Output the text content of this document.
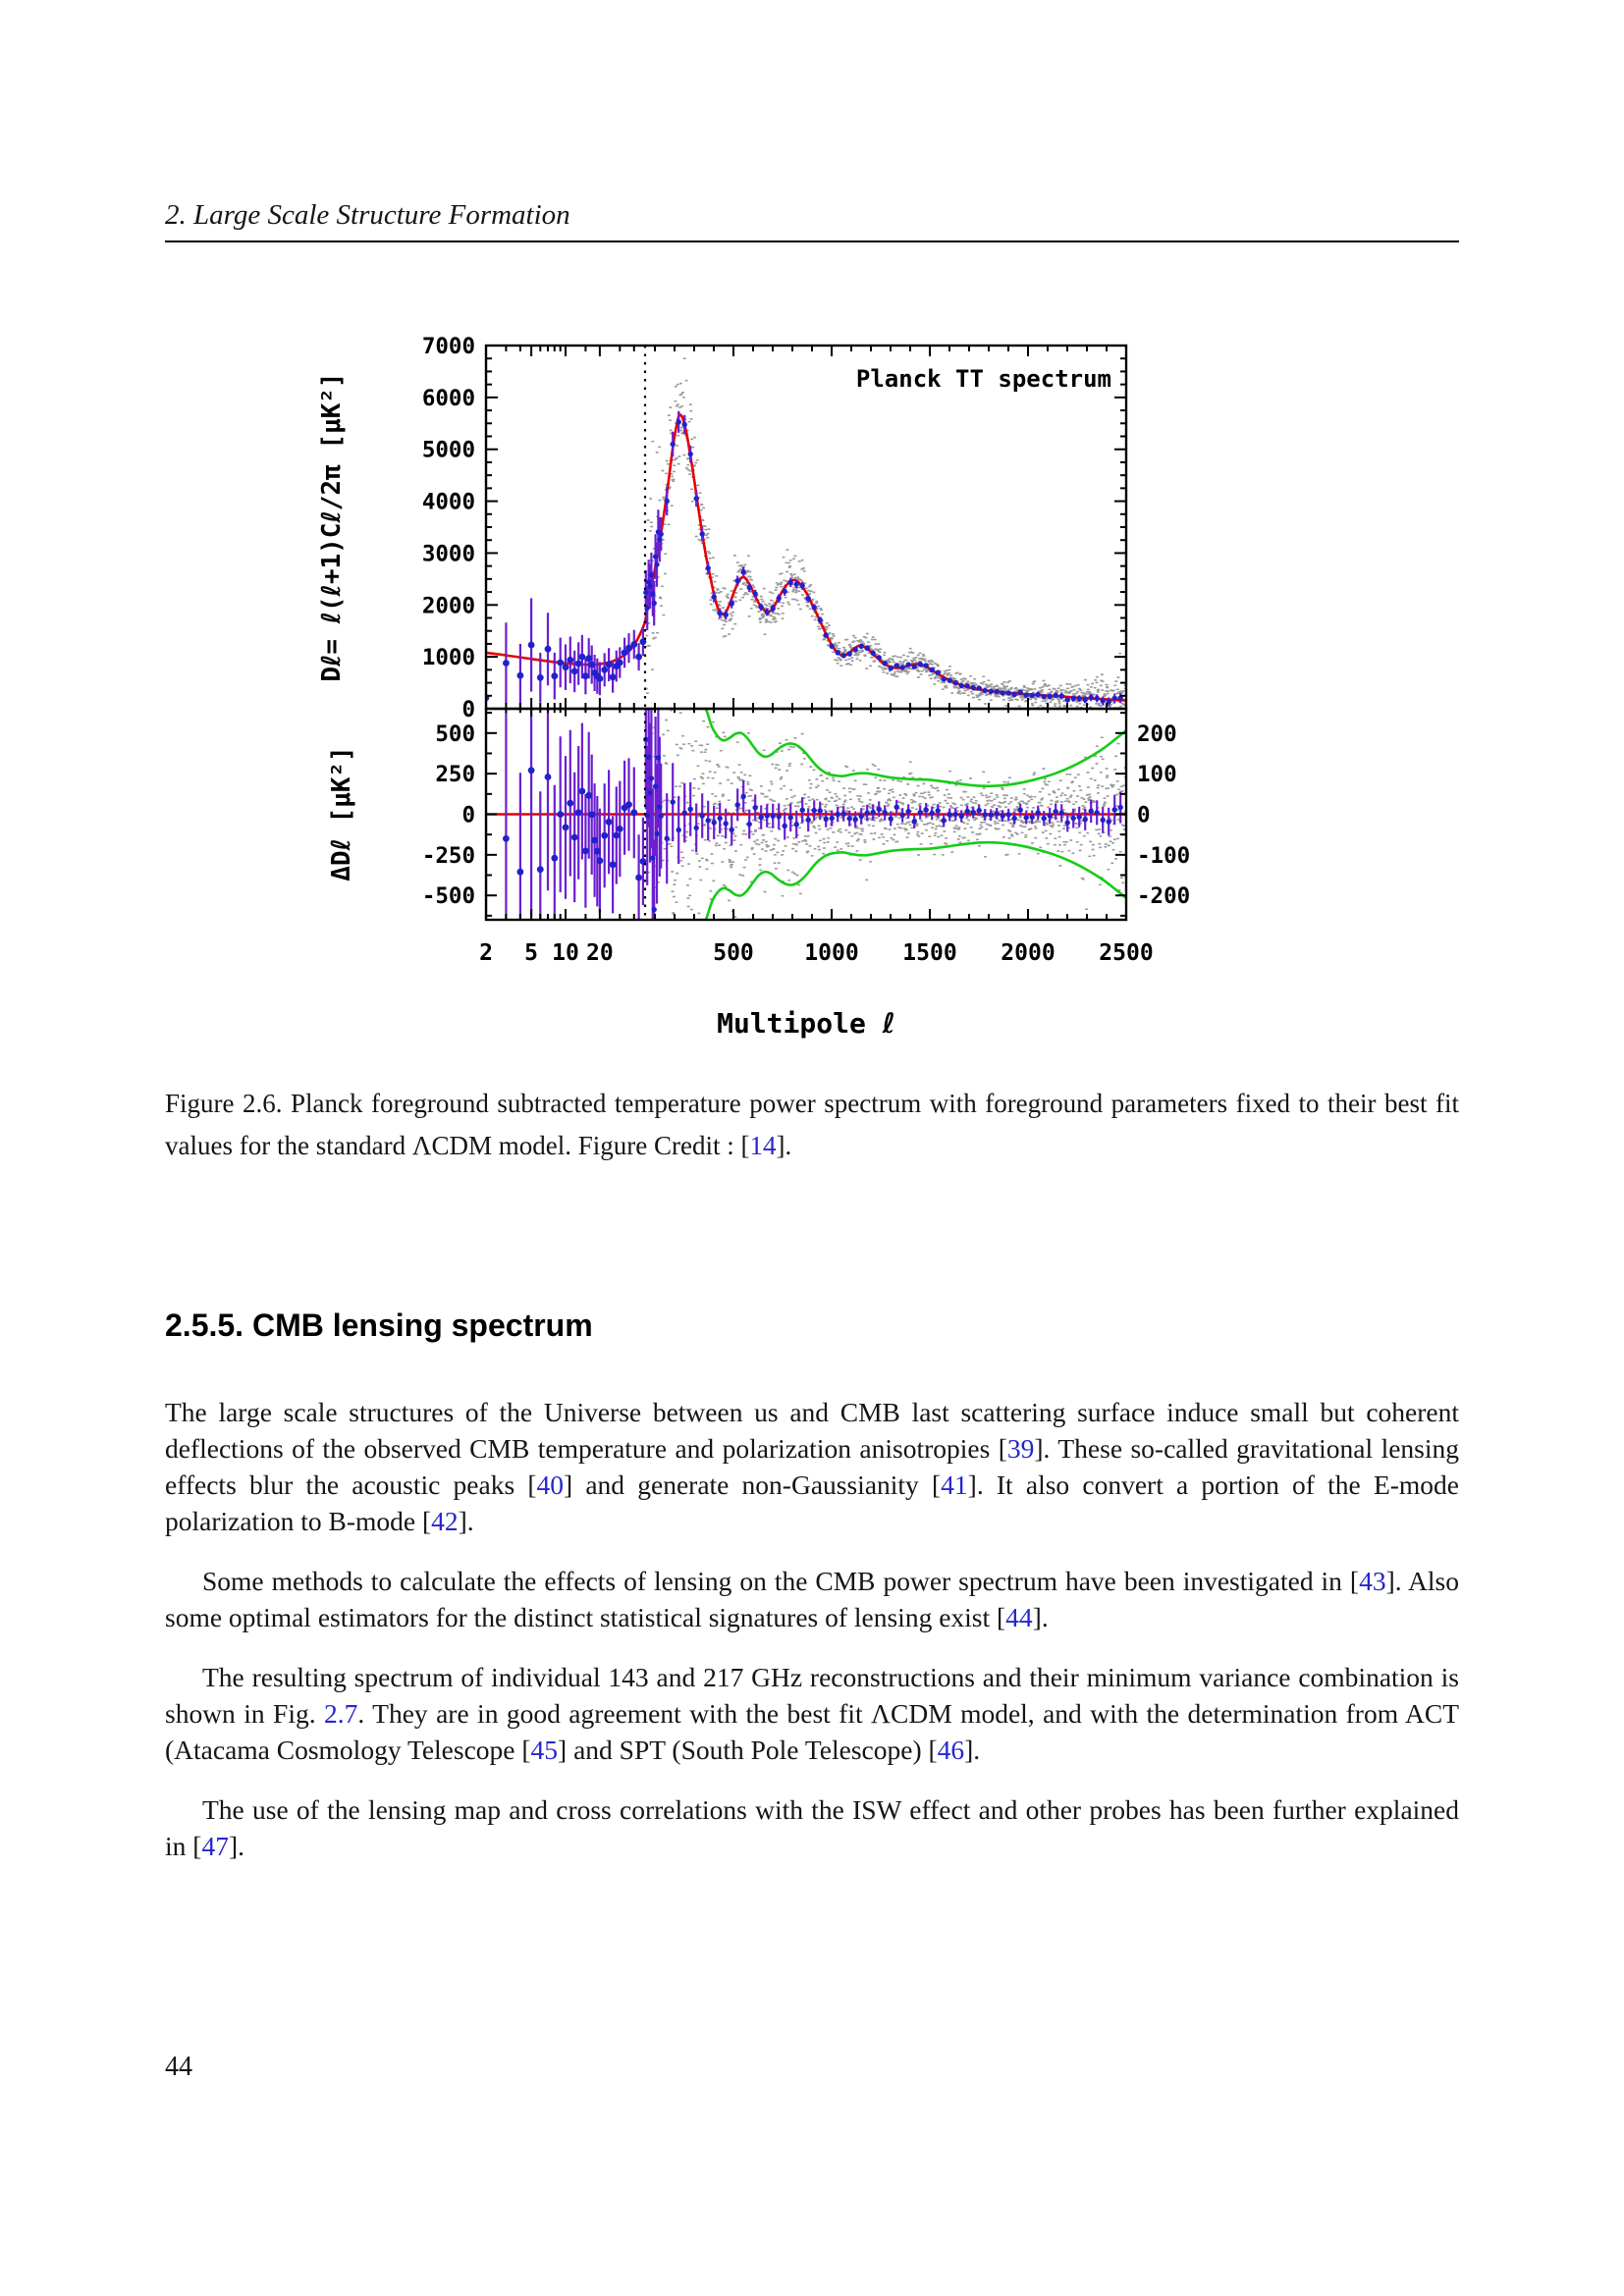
2. Large Scale Structure Formation
0
1000
2000
3000
4000
5000
6000
7000
500
250
0
-250
-500
200
100
0
-100
-200
2 5 10 20	500 1000 1500 2000 2500
Planck TT spectrum
Dℓ= ℓ(ℓ+1)Cℓ/2π [μK²]
ΔDℓ [μK²]
Multipole ℓ
Figure 2.6. Planck foreground subtracted temperature power spectrum with foreground parameters fixed to their best fit values for the standard ΛCDM model. Figure Credit : [14].
2.5.5. CMB lensing spectrum

The large scale structures of the Universe between us and CMB last scattering surface induce small but coherent deflections of the observed CMB temperature and polarization anisotropies [39]. These so-called gravitational lensing effects blur the acoustic peaks [40] and generate non-Gaussianity [41]. It also convert a portion of the E-mode polarization to B-mode [42].

Some methods to calculate the effects of lensing on the CMB power spectrum have been investigated in [43]. Also some optimal estimators for the distinct statistical signatures of lensing exist [44].

The resulting spectrum of individual 143 and 217 GHz reconstructions and their minimum variance combination is shown in Fig. 2.7. They are in good agreement with the best fit ΛCDM model, and with the determination from ACT (Atacama Cosmology Telescope [45] and SPT (South Pole Telescope) [46].

The use of the lensing map and cross correlations with the ISW effect and other probes has been further explained in [47].

44
